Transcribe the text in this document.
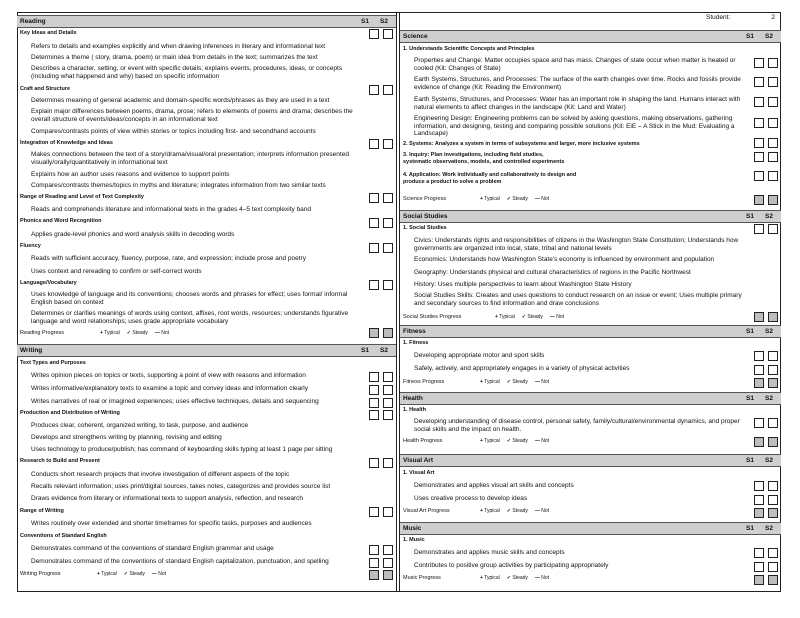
Reading	S1 S2
Key Ideas and Details
Refers to details and examples explicitly and when drawing inferences in literary and informational text
Determines a theme ( story, drama, poem) or main idea from details in the text; summarizes the text
Describes a character, setting, or event with specific details; explains events, procedures, ideas, or concepts (including what happened and why) based on specific information
Craft and Structure
Determines meaning of general academic and domain-specific words/phrases as they are used in a text
Explain major differences between poems, drama, prose; refers to elements of poems and drama; describes the overall structure of events/ideas/concepts in an informational text
Compares/contrasts points of view within stories or topics including first- and secondhand accounts
Integration of Knowledge and Ideas
Makes connections between the text of a story/drama/visual/oral presentation; interprets information presented visually/orally/quantitatively in informational text
Explains how an author uses reasons and evidence to support points
Compares/contrasts themes/topics in myths and literature; integrates information from two similar texts
Range of Reading and Level of Text Complexity
Reads and comprehends literature and informational texts in the grades 4–5 text complexity band
Phonics and Word Recognition
Applies grade-level phonics and word analysis skills in decoding words
Fluency
Reads with sufficient accuracy, fluency, purpose, rate, and expression; include prose and poetry
Uses context and rereading to confirm or self-correct words
Language/Vocabulary
Uses knowledge of language and its conventions; chooses words and phrases for effect; uses formal/ informal English based on context
Determines or clarifies meanings of words using context, affixes, root words, resources; understands figurative language and word relationships; uses grade appropriate vocabulary
Reading Progress	+ Typical ✓ Steady — Not
Writing	S1 S2
Text Types and Purposes
Writes opinion pieces on topics or texts, supporting a point of view with reasons and information
Writes informative/explanatory texts to examine a topic and convey ideas and information clearly
Writes narratives of real or imagined experiences; uses effective techniques, details and sequencing
Production and Distribution of Writing
Produces clear, coherent, organized writing, to task, purpose, and audience
Develops and strengthens writing by planning, revising and editing
Uses technology to produce/publish; has command of keyboarding skills typing at least 1 page per sitting
Research to Build and Present
Conducts short research projects that involve investigation of different aspects of the topic
Recalls relevant information; uses print/digital sources, takes notes, categorizes and provides source list
Draws evidence from literary or informational texts to support analysis, reflection, and research
Range of Writing
Writes routinely over extended and shorter timeframes for specific tasks, purposes and audiences
Conventions of Standard English
Demonstrates command of the conventions of standard English grammar and usage
Demonstrates command of the conventions of standard English capitalization, punctuation, and spelling
Writing Progress	+ Typical ✓ Steady — Not
Student:	2
Science	S1 S2
1. Understands Scientific Concepts and Principles
Properties and Change: Matter occupies space and has mass. Changes of state occur when matter is heated or cooled (Kit: Changes of State)
Earth Systems, Structures, and Processes: The surface of the earth changes over time. Rocks and fossils provide evidence of change (Kit: Reading the Environment)
Earth Systems, Structures, and Processes: Water has an important role in shaping the land. Humans interact with natural elements to affect changes in the landscape (Kit: Land and Water)
Engineering Design: Engineering problems can be solved by asking questions, making observations, gathering information, and designing, testing and comparing possible solutions (Kit: EiE – A Stick in the Mud: Evaluating a Landscape)
2. Systems: Analyzes a system in terms of subsystems and larger, more inclusive systems
3. Inquiry: Plan investigations, including field studies, systematic observations, models, and controlled experiments
4. Application: Work individually and collaboratively to design and produce a product to solve a problem
Science Progress	+ Typical ✓ Steady — Not
Social Studies	S1 S2
1. Social Studies
Civics: Understands rights and responsibilities of citizens in the Washington State Constitution; Understands how governments are organized into local, state, tribal and national levels
Economics: Understands how Washington State's economy is influenced by environment and population
Geography: Understands physical and cultural characteristics of regions in the Pacific Northwest
History: Uses multiple perspectives to learn about Washington State History
Social Studies Skills: Creates and uses questions to conduct research on an issue or event; Uses multiple primary and secondary sources to find information and draw conclusions
Social Studies Progress	+ Typical ✓ Steady — Not
Fitness	S1 S2
1. Fitness
Developing appropriate motor and sport skills
Safely, actively, and appropriately engages in a variety of physical activities
Fitness Progress	+ Typical ✓ Steady — Not
Health	S1 S2
1. Health
Developing understanding of disease control, personal safety, family/cultural/environmental dynamics, and proper social skills and the impact on health.
Health Progress	+ Typical ✓ Steady — Not
Visual Art	S1 S2
1. Visual Art
Demonstrates and applies visual art skills and concepts
Uses creative process to develop ideas
Visual Art Progress	+ Typical ✓ Steady — Not
Music	S1 S2
1. Music
Demonstrates and applies music skills and concepts
Contributes to positive group activities by participating appropriately
Music Progress	+ Typical ✓ Steady — Not
